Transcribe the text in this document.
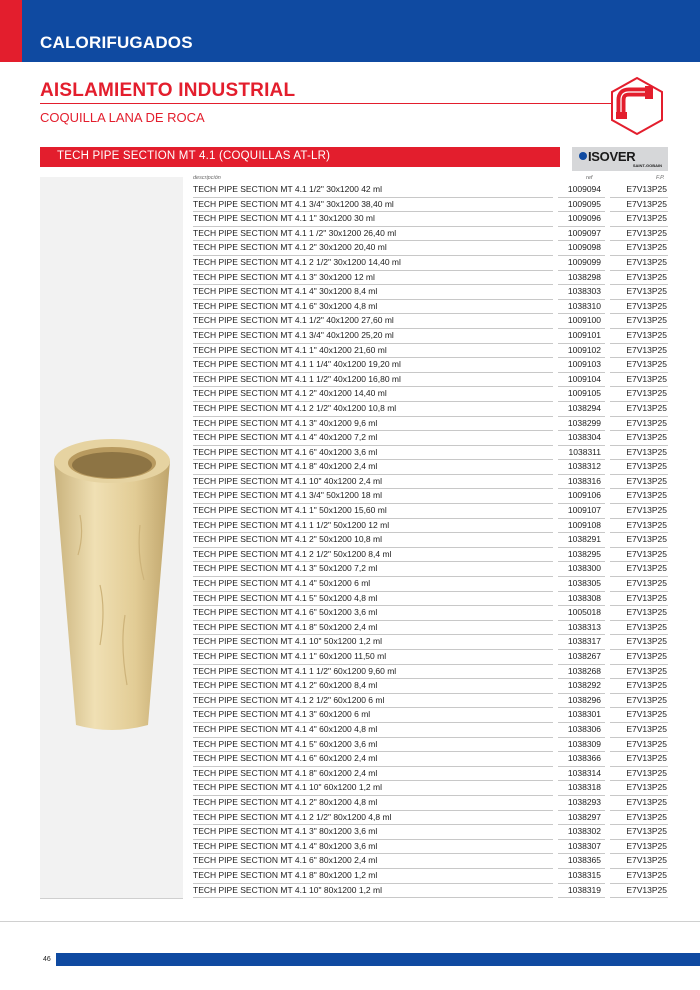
CALORIFUGADOS
AISLAMIENTO INDUSTRIAL
COQUILLA LANA DE ROCA
TECH PIPE SECTION MT 4.1 (COQUILLAS AT-LR)	ISOVER
SAINT-GOBAIN
descripción	ref	F.P.
TECH PIPE SECTION MT 4.1 1/2" 30x1200 42 ml	1009094	E7V13P25
TECH PIPE SECTION MT 4.1 3/4" 30x1200 38,40 ml	1009095	E7V13P25
TECH PIPE SECTION MT 4.1 1" 30x1200 30 ml	1009096	E7V13P25
TECH PIPE SECTION MT 4.1 1 /2" 30x1200 26,40 ml	1009097	E7V13P25
TECH PIPE SECTION MT 4.1 2" 30x1200 20,40 ml	1009098	E7V13P25
TECH PIPE SECTION MT 4.1 2 1/2" 30x1200 14,40 ml	1009099	E7V13P25
TECH PIPE SECTION MT 4.1 3" 30x1200 12 ml	1038298	E7V13P25
TECH PIPE SECTION MT 4.1 4" 30x1200 8,4 ml	1038303	E7V13P25
TECH PIPE SECTION MT 4.1 6" 30x1200 4,8 ml	1038310	E7V13P25
TECH PIPE SECTION MT 4.1 1/2" 40x1200 27,60 ml	1009100	E7V13P25
TECH PIPE SECTION MT 4.1 3/4" 40x1200 25,20 ml	1009101	E7V13P25
TECH PIPE SECTION MT 4.1 1" 40x1200 21,60 ml	1009102	E7V13P25
TECH PIPE SECTION MT 4.1 1 1/4" 40x1200 19,20 ml	1009103	E7V13P25
TECH PIPE SECTION MT 4.1 1 1/2" 40x1200 16,80 ml	1009104	E7V13P25
TECH PIPE SECTION MT 4.1 2" 40x1200 14,40 ml	1009105	E7V13P25
TECH PIPE SECTION MT 4.1 2 1/2" 40x1200 10,8 ml	1038294	E7V13P25
TECH PIPE SECTION MT 4.1 3" 40x1200 9,6 ml	1038299	E7V13P25
TECH PIPE SECTION MT 4.1 4" 40x1200 7,2 ml	1038304	E7V13P25
TECH PIPE SECTION MT 4.1 6" 40x1200 3,6 ml	1038311	E7V13P25
TECH PIPE SECTION MT 4.1 8" 40x1200 2,4 ml	1038312	E7V13P25
TECH PIPE SECTION MT 4.1 10" 40x1200 2,4 ml	1038316	E7V13P25
TECH PIPE SECTION MT 4.1 3/4" 50x1200 18 ml	1009106	E7V13P25
TECH PIPE SECTION MT 4.1 1" 50x1200 15,60 ml	1009107	E7V13P25
TECH PIPE SECTION MT 4.1 1 1/2" 50x1200 12 ml	1009108	E7V13P25
TECH PIPE SECTION MT 4.1 2" 50x1200 10,8 ml	1038291	E7V13P25
TECH PIPE SECTION MT 4.1 2 1/2" 50x1200 8,4 ml	1038295	E7V13P25
TECH PIPE SECTION MT 4.1 3" 50x1200 7,2 ml	1038300	E7V13P25
TECH PIPE SECTION MT 4.1 4" 50x1200 6 ml	1038305	E7V13P25
TECH PIPE SECTION MT 4.1 5" 50x1200 4,8 ml	1038308	E7V13P25
TECH PIPE SECTION MT 4.1 6" 50x1200 3,6 ml	1005018	E7V13P25
TECH PIPE SECTION MT 4.1 8" 50x1200 2,4 ml	1038313	E7V13P25
TECH PIPE SECTION MT 4.1 10" 50x1200 1,2 ml	1038317	E7V13P25
TECH PIPE SECTION MT 4.1 1" 60x1200 11,50 ml	1038267	E7V13P25
TECH PIPE SECTION MT 4.1 1 1/2" 60x1200 9,60 ml	1038268	E7V13P25
TECH PIPE SECTION MT 4.1 2" 60x1200 8,4 ml	1038292	E7V13P25
TECH PIPE SECTION MT 4.1 2 1/2" 60x1200 6 ml	1038296	E7V13P25
TECH PIPE SECTION MT 4.1 3" 60x1200 6 ml	1038301	E7V13P25
TECH PIPE SECTION MT 4.1 4" 60x1200 4,8 ml	1038306	E7V13P25
TECH PIPE SECTION MT 4.1 5" 60x1200 3,6 ml	1038309	E7V13P25
TECH PIPE SECTION MT 4.1 6" 60x1200 2,4 ml	1038366	E7V13P25
TECH PIPE SECTION MT 4.1 8" 60x1200 2,4 ml	1038314	E7V13P25
TECH PIPE SECTION MT 4.1 10" 60x1200 1,2 ml	1038318	E7V13P25
TECH PIPE SECTION MT 4.1 2" 80x1200 4,8 ml	1038293	E7V13P25
TECH PIPE SECTION MT 4.1 2 1/2" 80x1200 4,8 ml	1038297	E7V13P25
TECH PIPE SECTION MT 4.1 3" 80x1200 3,6 ml	1038302	E7V13P25
TECH PIPE SECTION MT 4.1 4" 80x1200 3,6 ml	1038307	E7V13P25
TECH PIPE SECTION MT 4.1 6" 80x1200 2,4 ml	1038365	E7V13P25
TECH PIPE SECTION MT 4.1 8" 80x1200 1,2 ml	1038315	E7V13P25
TECH PIPE SECTION MT 4.1 10" 80x1200 1,2 ml	1038319	E7V13P25
46
